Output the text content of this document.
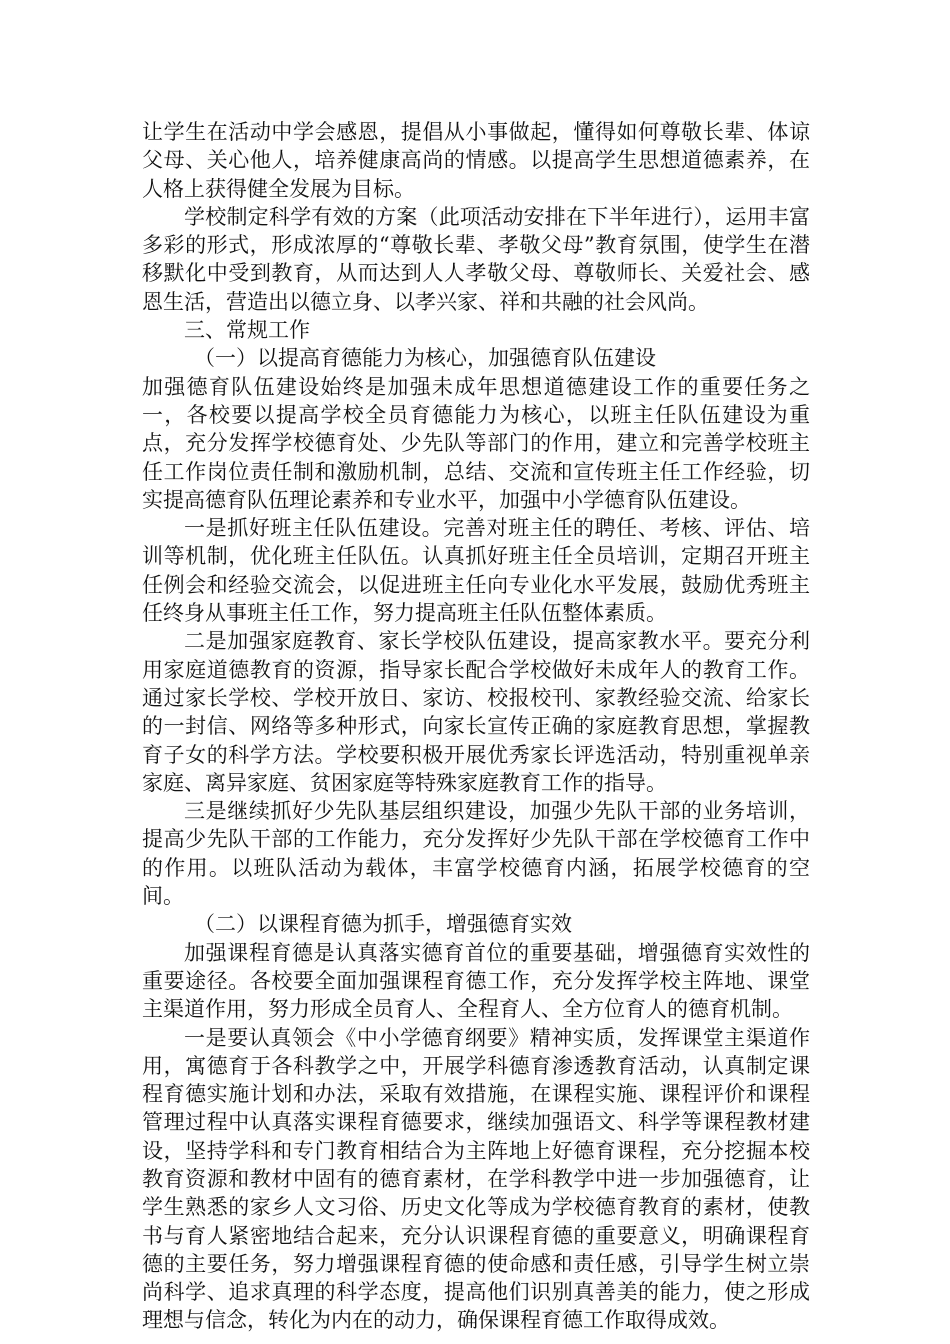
让学生在活动中学会感恩，提倡从小事做起，懂得如何尊敬长辈、体谅父母、关心他人，培养健康高尚的情感。以提高学生思想道德素养，在人格上获得健全发展为目标。

学校制定科学有效的方案（此项活动安排在下半年进行），运用丰富多彩的形式，形成浓厚的“尊敬长辈、孝敬父母”教育氛围，使学生在潜移默化中受到教育，从而达到人人孝敬父母、尊敬师长、关爱社会、感恩生活，营造出以德立身、以孝兴家、祥和共融的社会风尚。

三、常规工作

（一）以提高育德能力为核心，加强德育队伍建设

加强德育队伍建设始终是加强未成年思想道德建设工作的重要任务之一，各校要以提高学校全员育德能力为核心，以班主任队伍建设为重点，充分发挥学校德育处、少先队等部门的作用，建立和完善学校班主任工作岗位责任制和激励机制，总结、交流和宣传班主任工作经验，切实提高德育队伍理论素养和专业水平，加强中小学德育队伍建设。

一是抓好班主任队伍建设。完善对班主任的聘任、考核、评估、培训等机制，优化班主任队伍。认真抓好班主任全员培训，定期召开班主任例会和经验交流会，以促进班主任向专业化水平发展，鼓励优秀班主任终身从事班主任工作，努力提高班主任队伍整体素质。

二是加强家庭教育、家长学校队伍建设，提高家教水平。要充分利用家庭道德教育的资源，指导家长配合学校做好未成年人的教育工作。通过家长学校、学校开放日、家访、校报校刊、家教经验交流、给家长的一封信、网络等多种形式，向家长宣传正确的家庭教育思想，掌握教育子女的科学方法。学校要积极开展优秀家长评选活动，特别重视单亲家庭、离异家庭、贫困家庭等特殊家庭教育工作的指导。

三是继续抓好少先队基层组织建设，加强少先队干部的业务培训，提高少先队干部的工作能力，充分发挥好少先队干部在学校德育工作中的作用。以班队活动为载体，丰富学校德育内涵，拓展学校德育的空间。

（二）以课程育德为抓手，增强德育实效

加强课程育德是认真落实德育首位的重要基础，增强德育实效性的重要途径。各校要全面加强课程育德工作，充分发挥学校主阵地、课堂主渠道作用，努力形成全员育人、全程育人、全方位育人的德育机制。

一是要认真领会《中小学德育纲要》精神实质，发挥课堂主渠道作用，寓德育于各科教学之中，开展学科德育渗透教育活动，认真制定课程育德实施计划和办法，采取有效措施，在课程实施、课程评价和课程管理过程中认真落实课程育德要求，继续加强语文、科学等课程教材建设，坚持学科和专门教育相结合为主阵地上好德育课程，充分挖掘本校教育资源和教材中固有的德育素材，在学科教学中进一步加强德育，让学生熟悉的家乡人文习俗、历史文化等成为学校德育教育的素材，使教书与育人紧密地结合起来，充分认识课程育德的重要意义，明确课程育德的主要任务，努力增强课程育德的使命感和责任感，引导学生树立崇尚科学、追求真理的科学态度，提高他们识别真善美的能力，使之形成理想与信念，转化为内在的动力，确保课程育德工作取得成效。
